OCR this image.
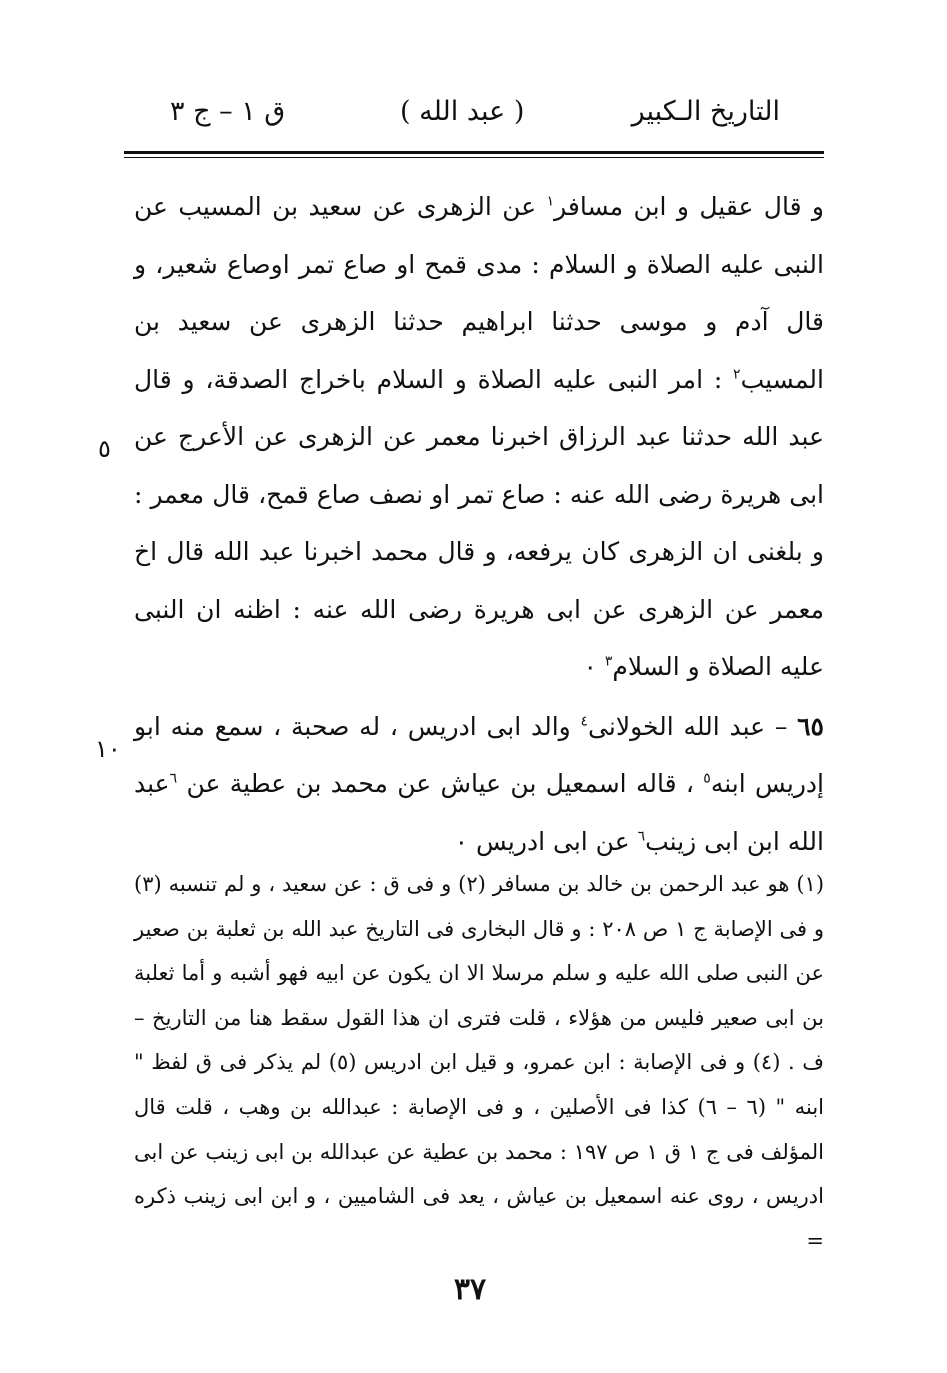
ق ١ – ج ٣	( عبد الله )	التاريخ الـكبير

و قال عقيل و ابن مسافر$^١$ عن الزهرى عن سعيد بن المسيب عن النبى عليه الصلاة و السلام : مدى قمح او صاع تمر اوصاع شعير، و قال آدم و موسى حدثنا ابراهيم حدثنا الزهرى عن سعيد بن المسيب$^٢$ : امر النبى عليه الصلاة و السلام باخراج الصدقة، و قال عبد الله حدثنا عبد الرزاق اخبرنا معمر عن الزهرى عن الأعرج عن ابى هريرة رضى الله عنه : صاع تمر او نصف صاع قمح، قال معمر : و بلغنى ان الزهرى كان يرفعه، و قال محمد اخبرنا عبد الله قال اخ معمر عن الزهرى عن ابى هريرة رضى الله عنه : اظنه ان النبى عليه الصلاة و السلام$^٣$ ٠

٦٥ – عبد الله الخولانى$^٤$ والد ابى ادريس ، له صحبة ، سمع منه ابو إدريس ابنه$^٥$ ، قاله اسمعيل بن عياش عن محمد بن عطية عن $^٦$عبد الله ابن ابى زينب$^٦$ عن ابى ادريس ٠

٥
١٠

(١) هو عبد الرحمن بن خالد بن مسافر (٢) و فى ق : عن سعيد ، و لم تنسبه (٣) و فى الإصابة ج ١ ص ٢٠٨ : و قال البخارى فى التاريخ عبد الله بن ثعلبة بن صعير عن النبى صلى الله عليه و سلم مرسلا الا ان يكون عن ابيه فهو أشبه و أما ثعلبة بن ابى صعير فليس من هؤلاء ، قلت فترى ان هذا القول سقط هنا من التاريخ – ف . (٤) و فى الإصابة : ابن عمرو، و قيل ابن ادريس (٥) لم يذكر فى ق لفظ " ابنه " (٦ – ٦) كذا فى الأصلين ، و فى الإصابة : عبدالله بن وهب ، قلت قال المؤلف فى ج ١ ق ١ ص ١٩٧ : محمد بن عطية عن عبدالله بن ابى زينب عن ابى ادريس ، روى عنه اسمعيل بن عياش ، يعد فى الشاميين ، و ابن ابى زينب ذكره =

٣٧
